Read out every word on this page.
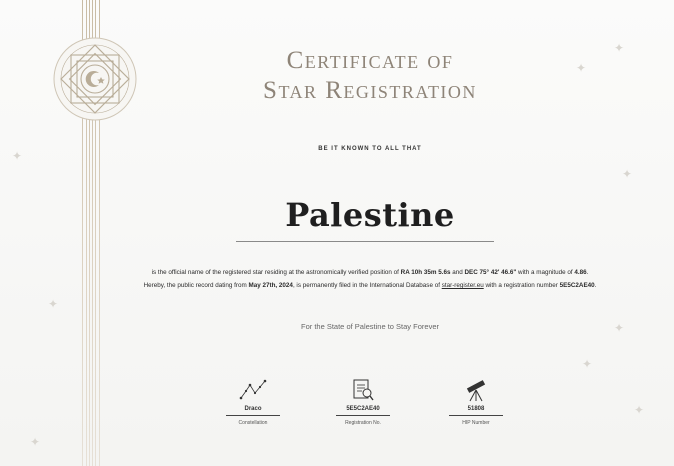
✦
✦
✦
✦
✦
✦
✦
✦
✦
Certificate of
Star Registration
BE IT KNOWN TO ALL THAT
Palestine
is the official name of the registered star residing at the astronomically verified position of RA 10h 35m 5.6s and DEC 75° 42' 46.6" with a magnitude of 4.86. Hereby, the public record dating from May 27th, 2024, is permanently filed in the International Database of star-register.eu with a registration number 5E5C2AE40.
For the State of Palestine to Stay Forever
Draco
Constellation
5E5C2AE40
Registration No.
51808
HIP Number
